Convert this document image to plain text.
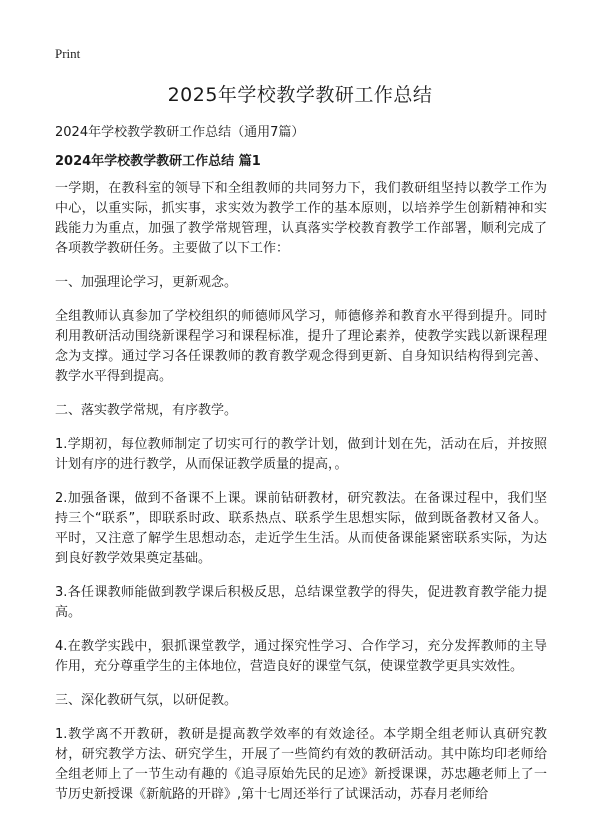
Print
2025年学校教学教研工作总结

2024年学校教学教研工作总结（通用7篇）

2024年学校教学教研工作总结 篇1

一学期，在教科室的领导下和全组教师的共同努力下，我们教研组坚持以教学工作为中心，以重实际，抓实事，求实效为教学工作的基本原则，以培养学生创新精神和实践能力为重点，加强了教学常规管理，认真落实学校教育教学工作部署，顺利完成了各项教学教研任务。主要做了以下工作：

一、加强理论学习，更新观念。

全组教师认真参加了学校组织的师德师风学习，师德修养和教育水平得到提升。同时利用教研活动围绕新课程学习和课程标准，提升了理论素养，使教学实践以新课程理念为支撑。通过学习各任课教师的教育教学观念得到更新、自身知识结构得到完善、教学水平得到提高。

二、落实教学常规，有序教学。

1.学期初，每位教师制定了切实可行的教学计划，做到计划在先，活动在后，并按照计划有序的进行教学，从而保证教学质量的提高，。

2.加强备课，做到不备课不上课。课前钻研教材，研究教法。在备课过程中，我们坚持三个“联系”，即联系时政、联系热点、联系学生思想实际，做到既备教材又备人。平时，又注意了解学生思想动态，走近学生生活。从而使备课能紧密联系实际，为达到良好教学效果奠定基础。

3.各任课教师能做到教学课后积极反思，总结课堂教学的得失，促进教育教学能力提高。

4.在教学实践中，狠抓课堂教学，通过探究性学习、合作学习，充分发挥教师的主导作用，充分尊重学生的主体地位，营造良好的课堂气氛，使课堂教学更具实效性。

三、深化教研气氛，以研促教。

1.教学离不开教研，教研是提高教学效率的有效途径。本学期全组老师认真研究教材，研究教学方法、研究学生，开展了一些简约有效的教研活动。其中陈均印老师给全组老师上了一节生动有趣的《追寻原始先民的足迹》新授课课，苏忠趣老师上了一节历史新授课《新航路的开辟》,第十七周还举行了试课活动，苏春月老师给
